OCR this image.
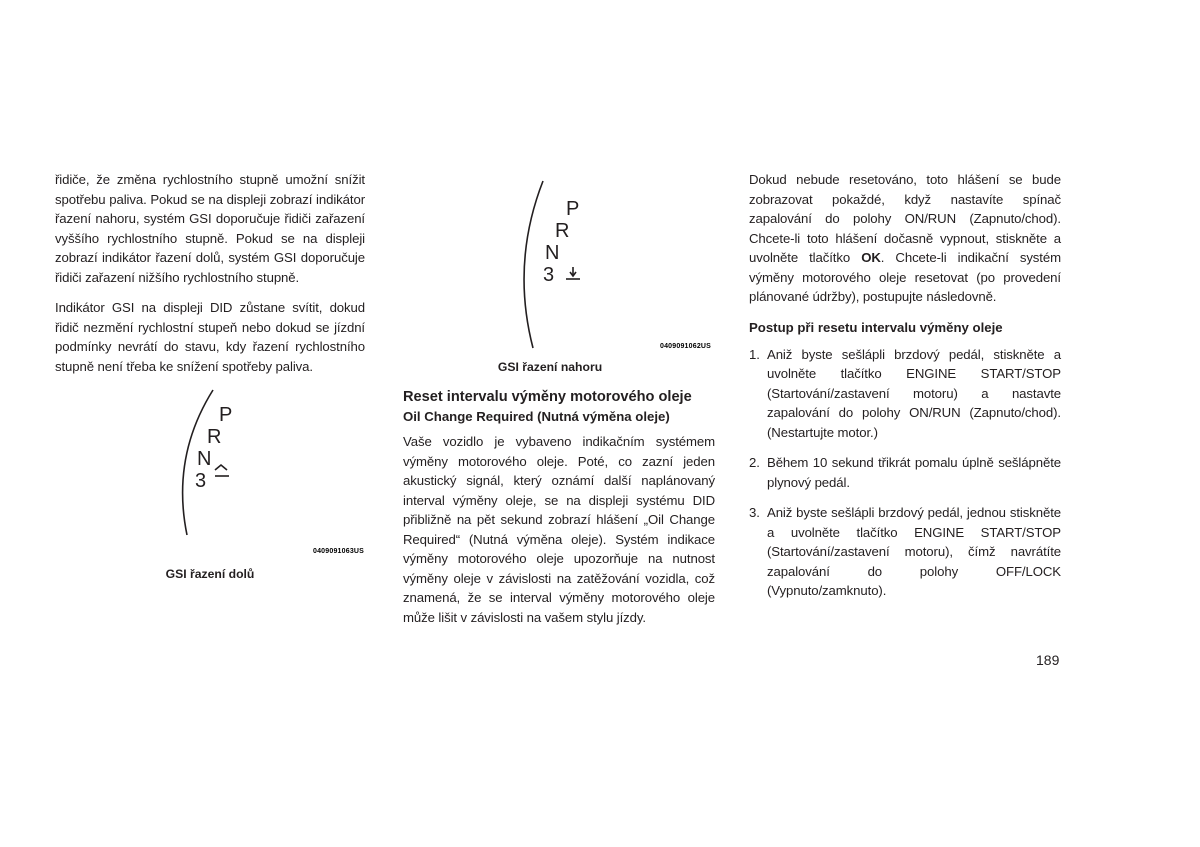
řidiče, že změna rychlostního stupně umožní snížit spotřebu paliva. Pokud se na displeji zobrazí indikátor řazení nahoru, systém GSI doporučuje řidiči zařazení vyššího rychlostního stupně. Pokud se na displeji zobrazí indikátor řazení dolů, systém GSI doporučuje řidiči zařazení nižšího rychlostního stupně.

Indikátor GSI na displeji DID zůstane svítit, dokud řidič nezmění rychlostní stupeň nebo dokud se jízdní podmínky nevrátí do stavu, kdy řazení rychlostního stupně není třeba ke snížení spotřeby paliva.

P
R
N
3
0409091063US
GSI řazení dolů
P
R
N
3
0409091062US
GSI řazení nahoru
Reset intervalu výměny motorového oleje
Oil Change Required (Nutná výměna oleje)

Vaše vozidlo je vybaveno indikačním systémem výměny motorového oleje. Poté, co zazní jeden akustický signál, který oznámí další naplánovaný interval výměny oleje, se na displeji systému DID přibližně na pět sekund zobrazí hlášení „Oil Change Required“ (Nutná výměna oleje). Systém indikace výměny motorového oleje upozorňuje na nutnost výměny oleje v závislosti na zatěžování vozidla, což znamená, že se interval výměny motorového oleje může lišit v závislosti na vašem stylu jízdy.

Dokud nebude resetováno, toto hlášení se bude zobrazovat pokaždé, když nastavíte spínač zapalování do polohy ON/RUN (Zapnuto/chod). Chcete-li toto hlášení dočasně vypnout, stiskněte a uvolněte tlačítko OK. Chcete-li indikační systém výměny motorového oleje resetovat (po provedení plánované údržby), postupujte následovně.

Postup při resetu intervalu výměny oleje
1. Aniž byste sešlápli brzdový pedál, stiskněte a uvolněte tlačítko ENGINE START/STOP (Startování/zastavení motoru) a nastavte zapalování do polohy ON/RUN (Zapnuto/chod). (Nestartujte motor.)
2. Během 10 sekund třikrát pomalu úplně sešlápněte plynový pedál.
3. Aniž byste sešlápli brzdový pedál, jednou stiskněte a uvolněte tlačítko ENGINE START/STOP (Startování/zastavení motoru), čímž navrátíte zapalování do polohy OFF/LOCK (Vypnuto/zamknuto).
189
